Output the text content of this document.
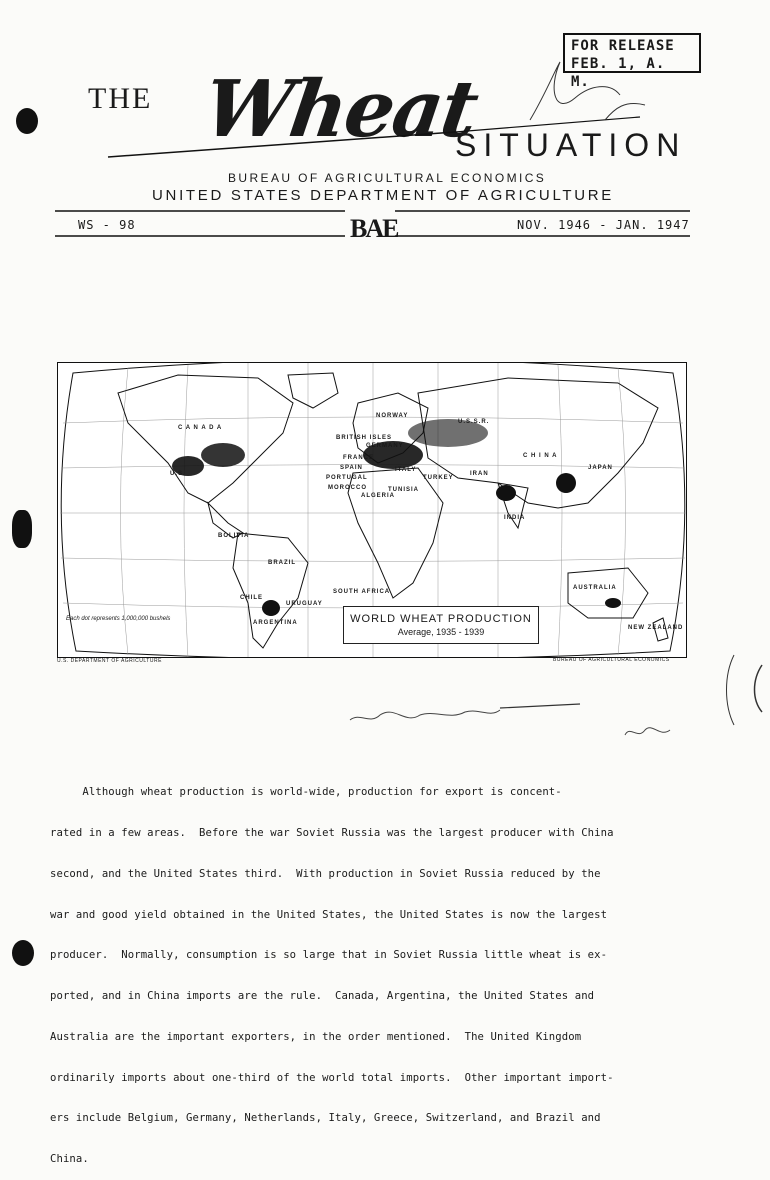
FOR RELEASE
FEB. 1, A. M.
THE Wheat
SITUATION
BUREAU OF AGRICULTURAL ECONOMICS
UNITED STATES DEPARTMENT OF AGRICULTURE
WS - 98	BAE	NOV. 1946 - JAN. 1947
C A N A D A
U.S.
U.S.S.R.
C H I N A
INDIA
BRAZIL
ARGENTINA
SOUTH AFRICA
AUSTRALIA
JAPAN
FRANCE
SPAIN	ITALY
BRITISH ISLES
GERMANY
TURKEY
IRAN
PORTUGAL
MOROCCO
ALGERIA
TUNISIA
CHILE
BOLIVIA
URUGUAY
NEW ZEALAND
NORWAY
Each dot represents 1,000,000 bushels	WORLD WHEAT PRODUCTION
Average, 1935 - 1939
U.S. DEPARTMENT OF AGRICULTURE	BUREAU OF AGRICULTURAL ECONOMICS

Although wheat production is world-wide, production for export is concent-

rated in a few areas.  Before the war Soviet Russia was the largest producer with China

second, and the United States third.  With production in Soviet Russia reduced by the

war and good yield obtained in the United States, the United States is now the largest

producer.  Normally, consumption is so large that in Soviet Russia little wheat is ex-

ported, and in China imports are the rule.  Canada, Argentina, the United States and

Australia are the important exporters, in the order mentioned.  The United Kingdom

ordinarily imports about one-third of the world total imports.  Other important import-

ers include Belgium, Germany, Netherlands, Italy, Greece, Switzerland, and Brazil and

China.
